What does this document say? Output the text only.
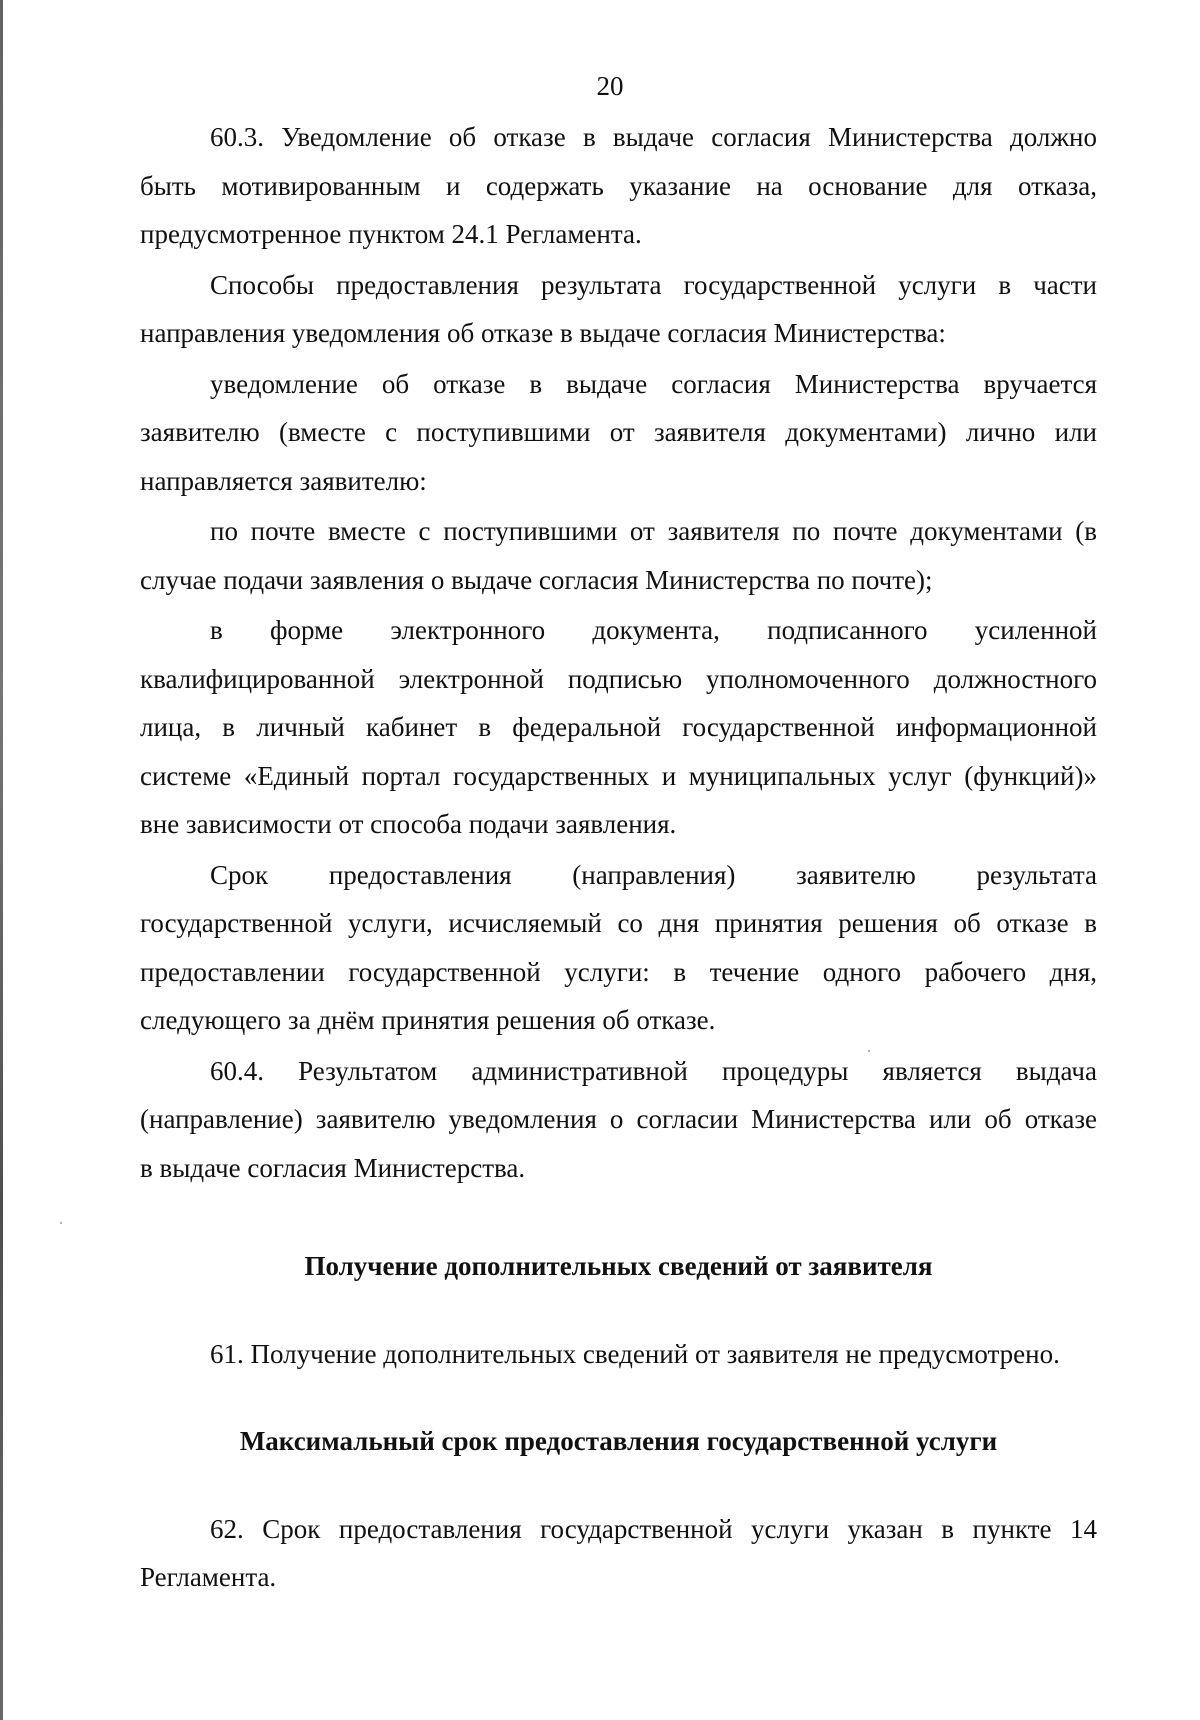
20
60.3. Уведомление об отказе в выдаче согласия Министерства должно
быть мотивированным и содержать указание на основание для отказа,
предусмотренное пунктом 24.1 Регламента.
Способы предоставления результата государственной услуги в части
направления уведомления об отказе в выдаче согласия Министерства:
уведомление об отказе в выдаче согласия Министерства вручается
заявителю (вместе с поступившими от заявителя документами) лично или
направляется заявителю:
по почте вместе с поступившими от заявителя по почте документами (в
случае подачи заявления о выдаче согласия Министерства по почте);
в форме электронного документа, подписанного усиленной
квалифицированной электронной подписью уполномоченного должностного
лица, в личный кабинет в федеральной государственной информационной
системе «Единый портал государственных и муниципальных услуг (функций)»
вне зависимости от способа подачи заявления.
Срок предоставления (направления) заявителю результата
государственной услуги, исчисляемый со дня принятия решения об отказе в
предоставлении государственной услуги: в течение одного рабочего дня,
следующего за днём принятия решения об отказе.
60.4. Результатом административной процедуры является выдача
(направление) заявителю уведомления о согласии Министерства или об отказе
в выдаче согласия Министерства.
Получение дополнительных сведений от заявителя
61. Получение дополнительных сведений от заявителя не предусмотрено.
Максимальный срок предоставления государственной услуги
62. Срок предоставления государственной услуги указан в пункте 14
Регламента.
